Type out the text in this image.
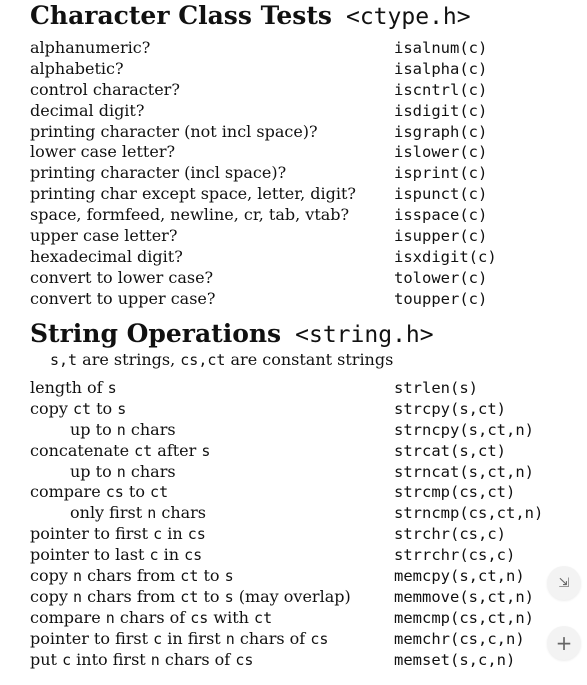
Character Class Tests <ctype.h>
alphanumeric?	isalnum(c)
alphabetic?	isalpha(c)
control character?	iscntrl(c)
decimal digit?	isdigit(c)
printing character (not incl space)?	isgraph(c)
lower case letter?	islower(c)
printing character (incl space)?	isprint(c)
printing char except space, letter, digit? ispunct(c)
space, formfeed, newline, cr, tab, vtab?	isspace(c)
upper case letter?	isupper(c)
hexadecimal digit?	isxdigit(c)
convert to lower case?	tolower(c)
convert to upper case?	toupper(c)
String Operations <string.h>
s,t are strings, cs,ct are constant strings
length of s	strlen(s)
copy ct to s	strcpy(s,ct)
up to n chars	strncpy(s,ct,n)
concatenate ct after s	strcat(s,ct)
up to n chars	strncat(s,ct,n)
compare cs to ct	strcmp(cs,ct)
only first n chars	strncmp(cs,ct,n)
pointer to first c in cs	strchr(cs,c)
pointer to last c in cs	strrchr(cs,c)
copy n chars from ct to s	memcpy(s,ct,n)
copy n chars from ct to s (may overlap)	memmove(s,ct,n)
compare n chars of cs with ct	memcmp(cs,ct,n)
pointer to first c in first n chars of cs	memchr(cs,c,n)
put c into first n chars of cs	memset(s,c,n)
⇲
+
